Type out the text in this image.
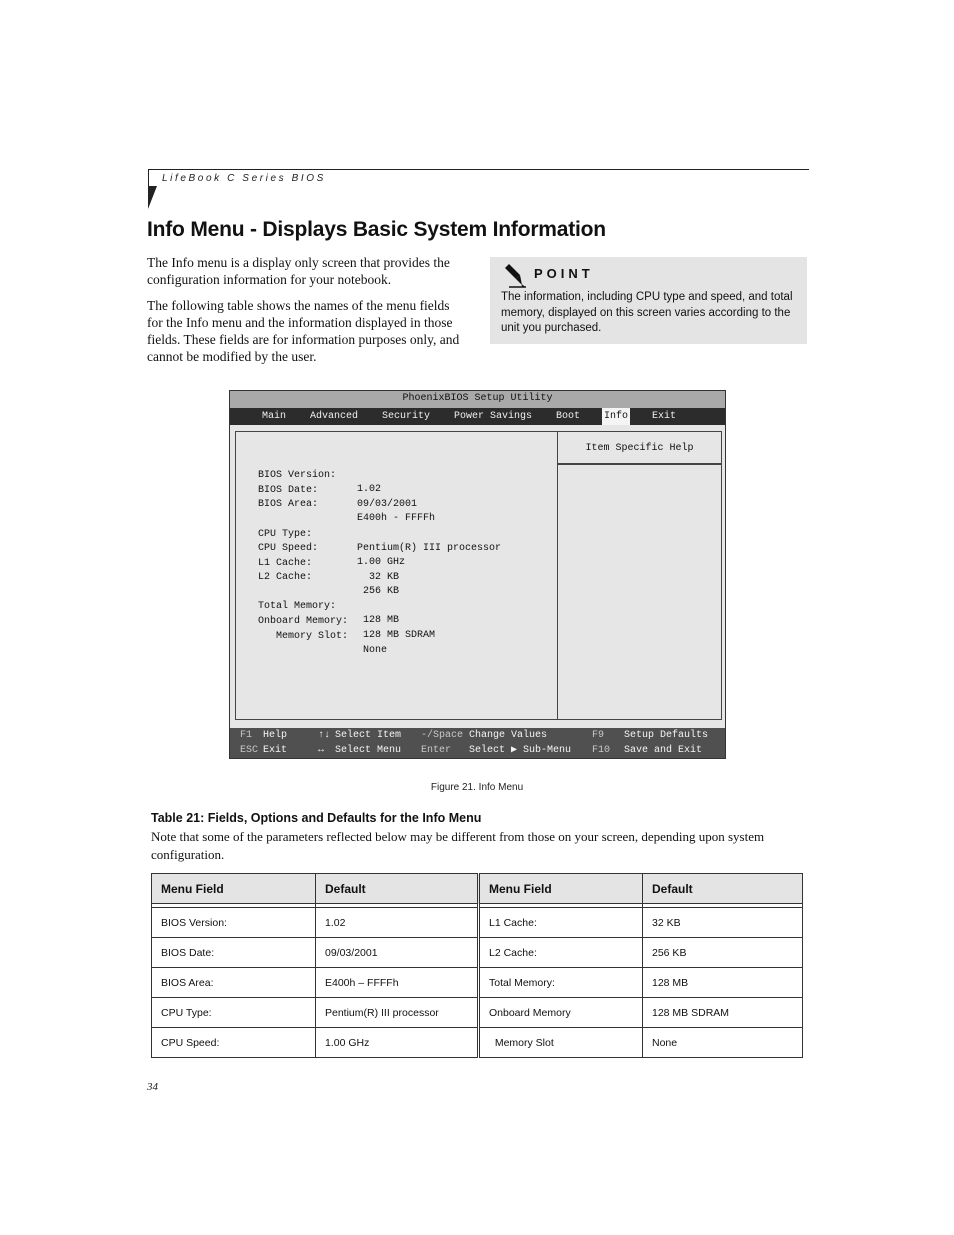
LifeBook C Series BIOS
Info Menu - Displays Basic System Information

The Info menu is a display only screen that provides the configuration information for your notebook.

The following table shows the names of the menu fields for the Info menu and the information displayed in those fields. These fields are for information purposes only, and cannot be modified by the user.

POINT
The information, including CPU type and speed, and total memory, displayed on this screen varies according to the unit you purchased.
PhoenixBIOS Setup Utility
Main Advanced Security Power Savings Boot Info Exit

BIOS Version:

1.02

BIOS Date:

09/03/2001

BIOS Area:

E400h - FFFFh

CPU Type:

Pentium(R) III processor

CPU Speed:

1.00 GHz

L1 Cache:

32 KB

L2 Cache:

256 KB

Total Memory:

128 MB

Onboard Memory:

128 MB SDRAM

Memory Slot:

None

Item Specific Help
F1 Help	↑↓ Select Item -/Space Change Values	F9 Setup Defaults
ESC Exit	↔ Select Menu Enter Select ▶ Sub-Menu F10 Save and Exit
Figure 21. Info Menu
Table 21: Fields, Options and Defaults for the Info Menu
Note that some of the parameters reflected below may be different from those on your screen, depending upon system configuration.
Menu Field	Default	Menu Field	Default

BIOS Version:	1.02	L1 Cache:	32 KB
BIOS Date:	09/03/2001	L2 Cache:	256 KB
BIOS Area:	E400h – FFFFh	Total Memory:	128 MB
CPU Type:	Pentium(R) III processor	Onboard Memory	128 MB SDRAM
CPU Speed:	1.00 GHz	Memory Slot	None
34
